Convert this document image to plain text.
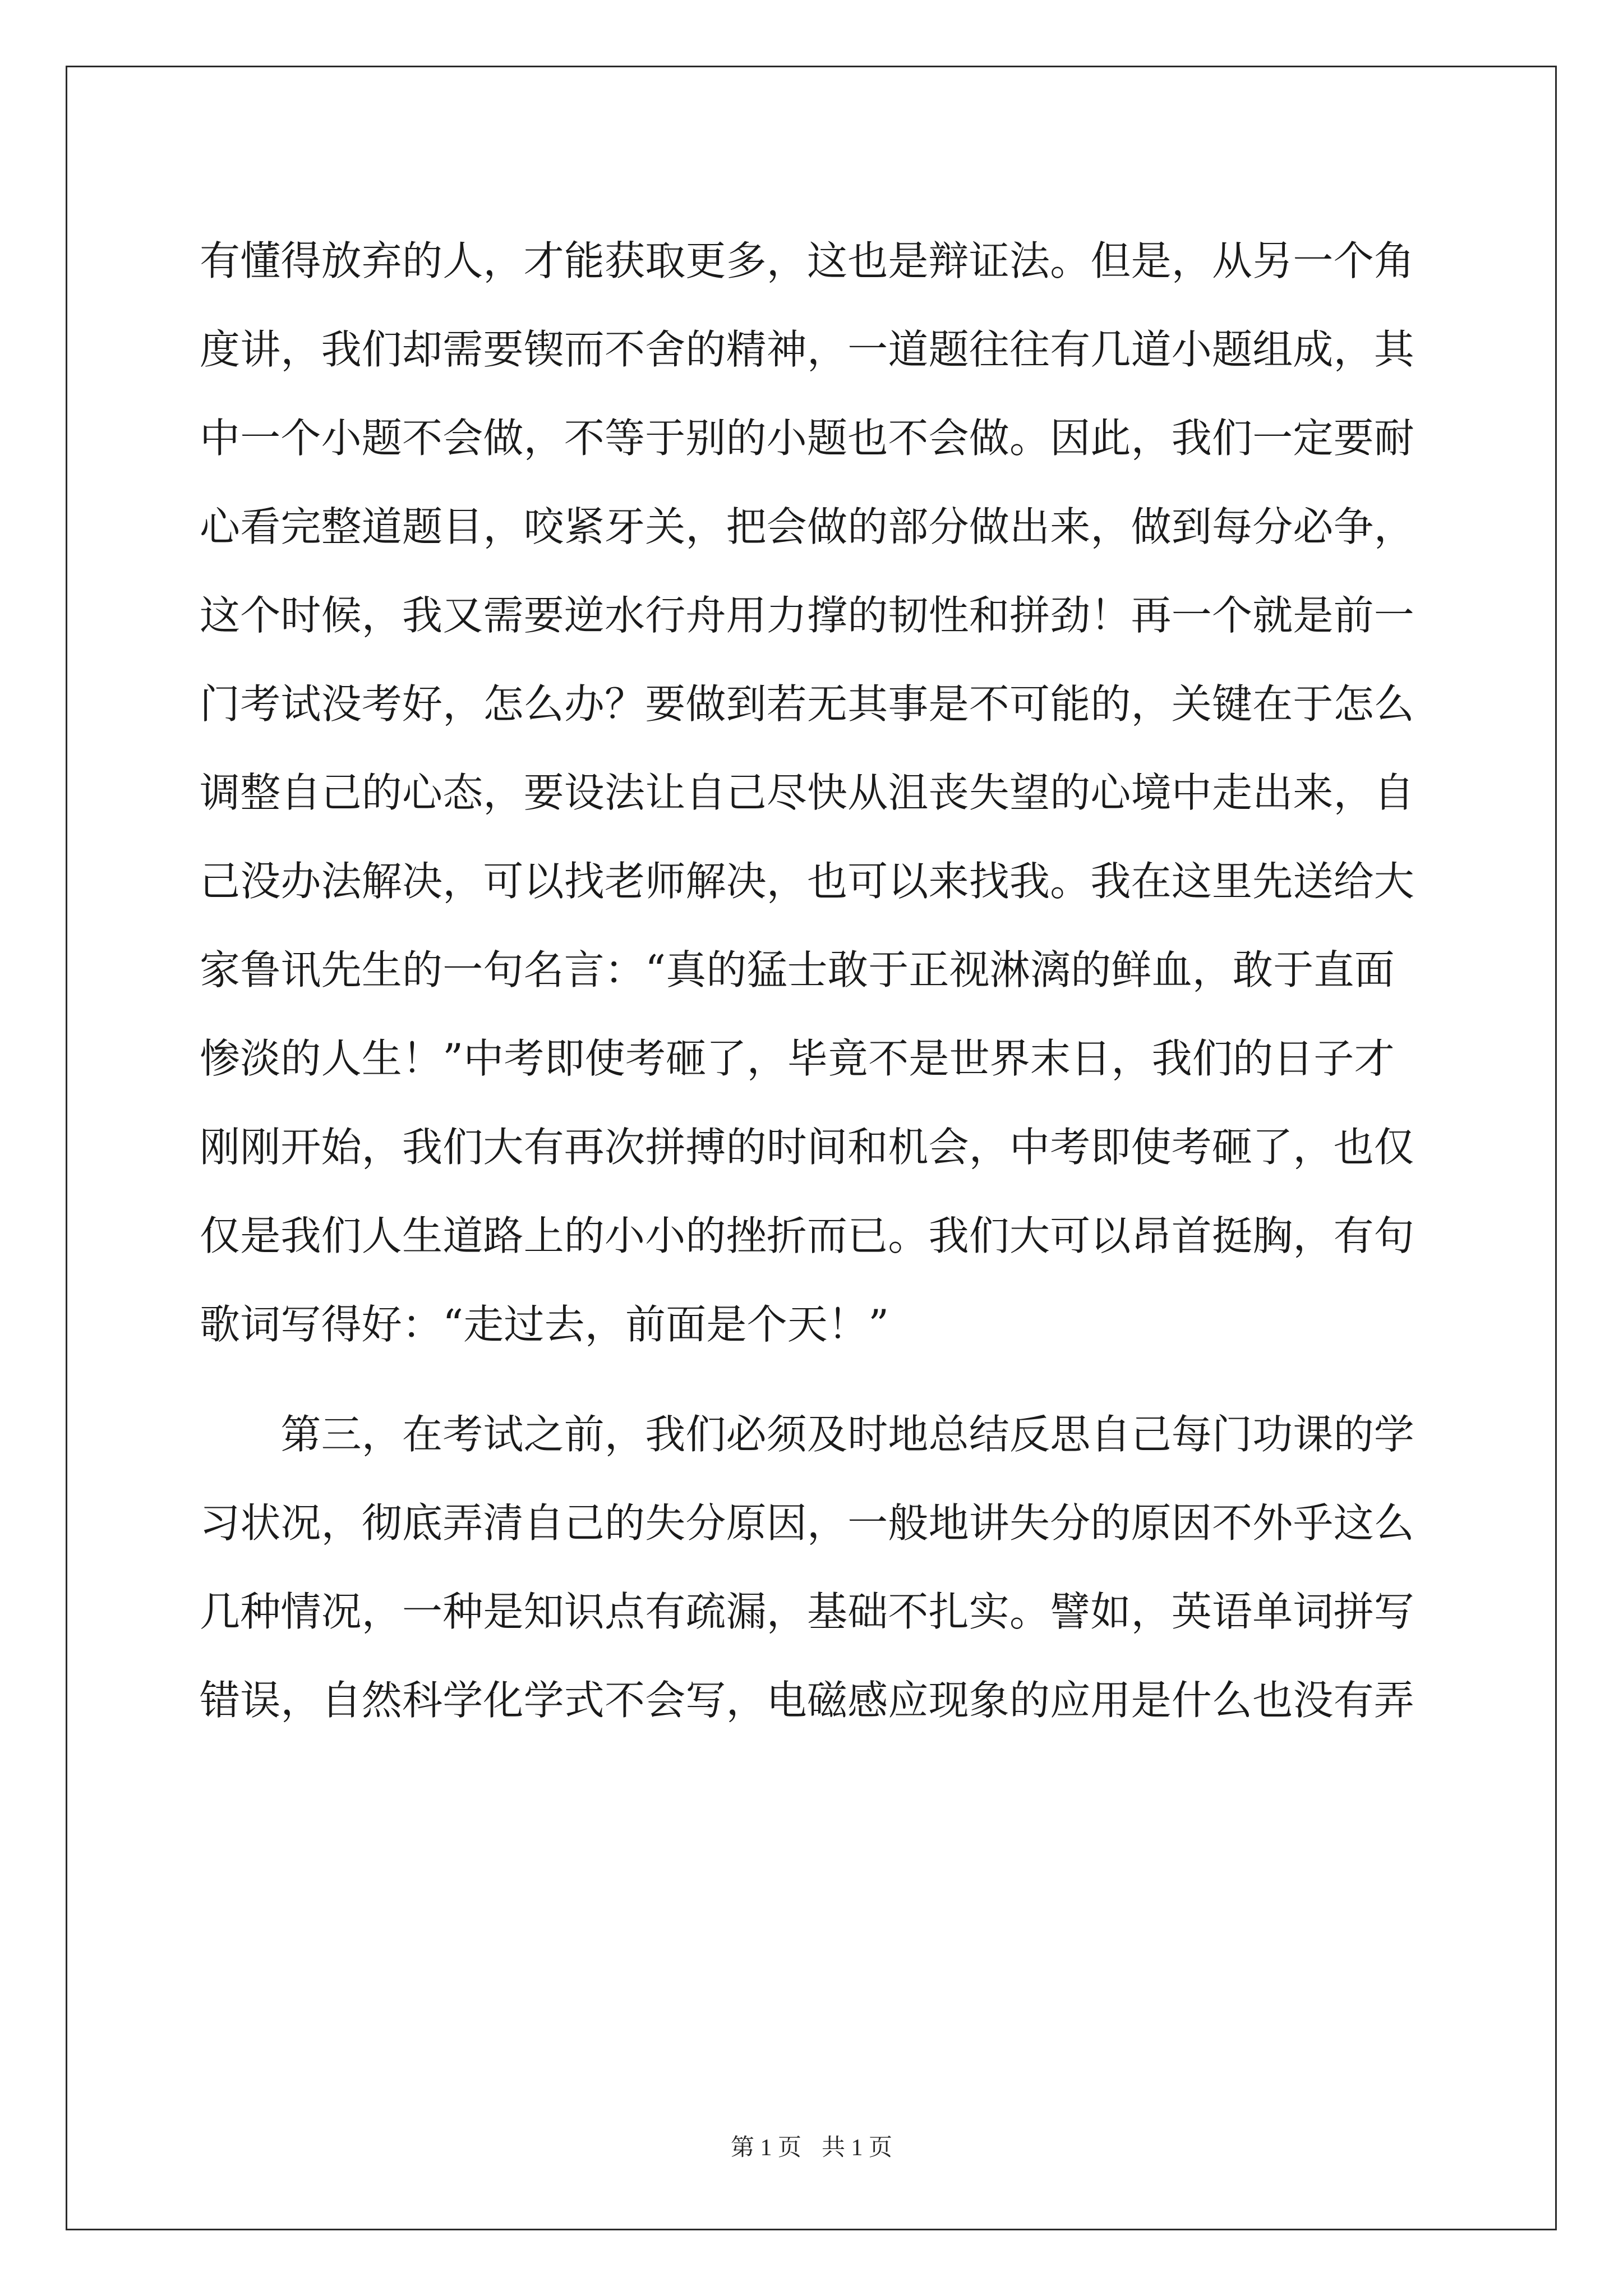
有懂得放弃的人，才能获取更多，这也是辩证法。但是，从另一个角
度讲，我们却需要锲而不舍的精神，一道题往往有几道小题组成，其
中一个小题不会做，不等于别的小题也不会做。因此，我们一定要耐
心看完整道题目，咬紧牙关，把会做的部分做出来，做到每分必争，
这个时候，我又需要逆水行舟用力撑的韧性和拼劲！再一个就是前一
门考试没考好，怎么办？要做到若无其事是不可能的，关键在于怎么
调整自己的心态，要设法让自己尽快从沮丧失望的心境中走出来，自
己没办法解决，可以找老师解决，也可以来找我。我在这里先送给大
家鲁讯先生的一句名言：“真的猛士敢于正视淋漓的鲜血，敢于直面
惨淡的人生！”中考即使考砸了，毕竟不是世界末日，我们的日子才
刚刚开始，我们大有再次拼搏的时间和机会，中考即使考砸了，也仅
仅是我们人生道路上的小小的挫折而已。我们大可以昂首挺胸，有句
歌词写得好：“走过去，前面是个天！”
　　第三，在考试之前，我们必须及时地总结反思自己每门功课的学
习状况，彻底弄清自己的失分原因，一般地讲失分的原因不外乎这么
几种情况，一种是知识点有疏漏，基础不扎实。譬如，英语单词拼写
错误，自然科学化学式不会写，电磁感应现象的应用是什么也没有弄
第 1 页 共 1 页
